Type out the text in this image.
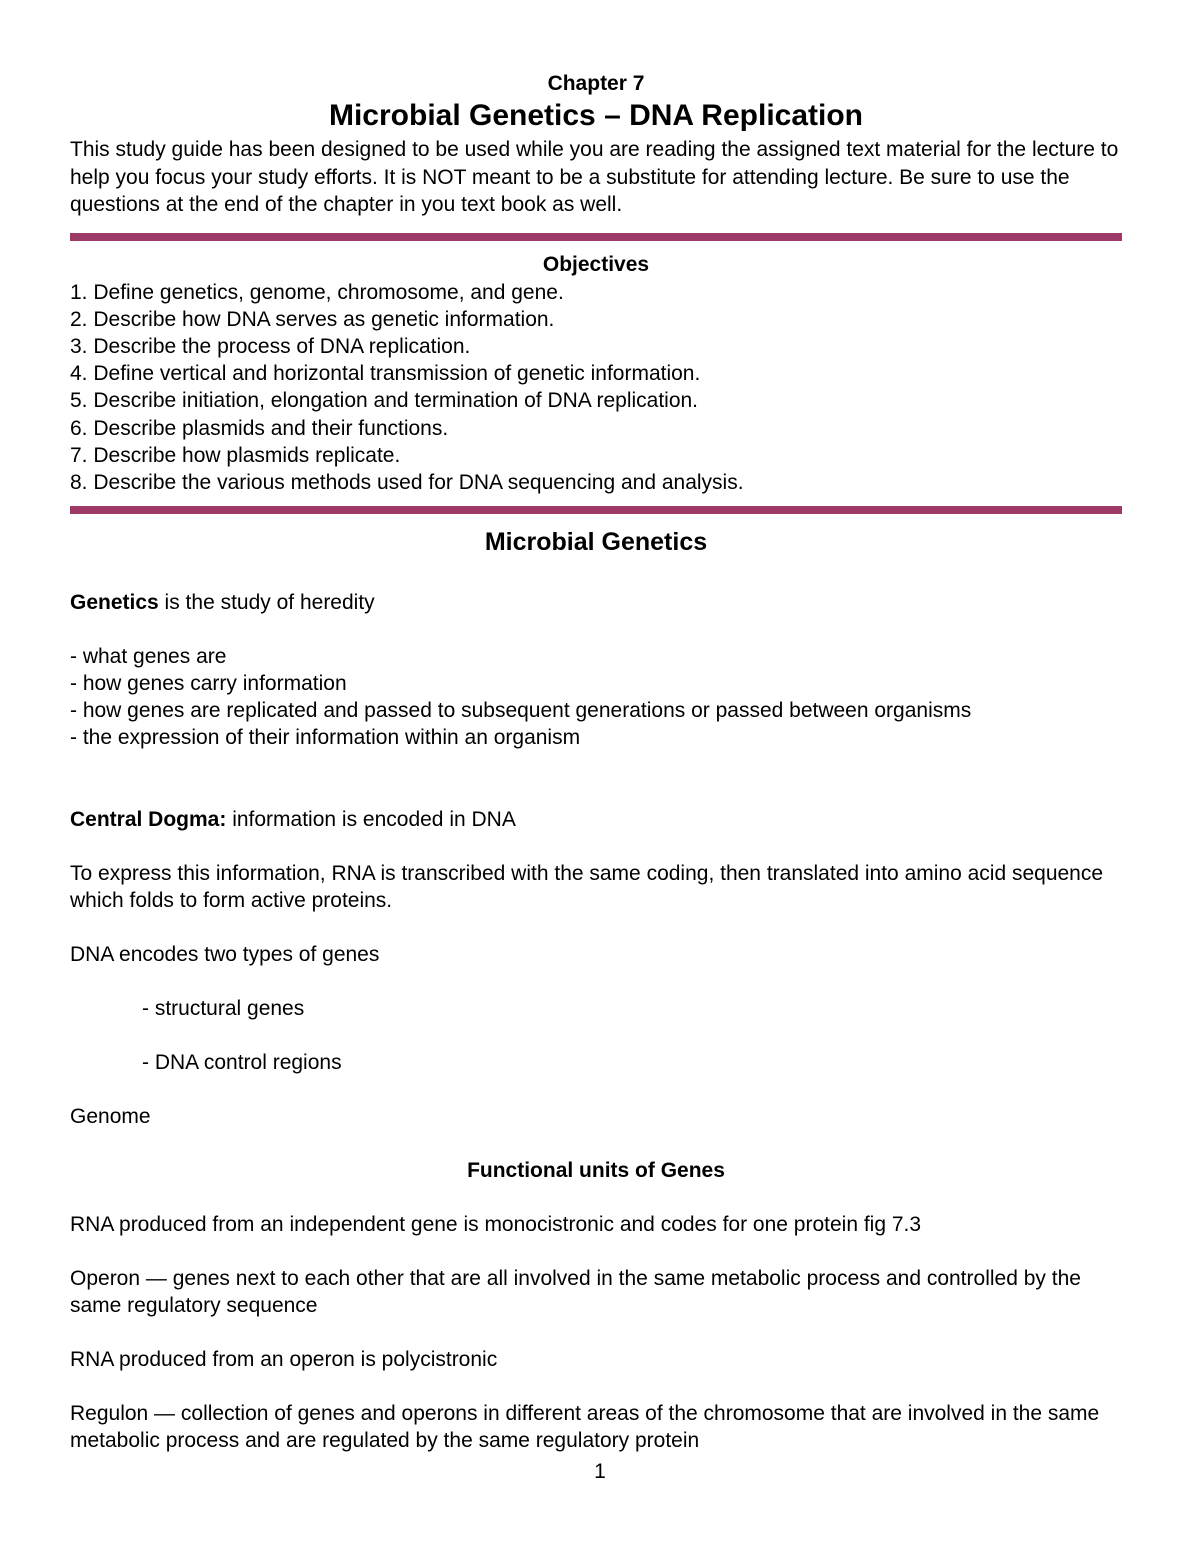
Chapter 7

Microbial Genetics – DNA Replication

This study guide has been designed to be used while you are reading the assigned text material for the lecture to help you focus your study efforts. It is NOT meant to be a substitute for attending lecture. Be sure to use the questions at the end of the chapter in you text book as well.

Objectives

1. Define genetics, genome, chromosome, and gene.
2. Describe how DNA serves as genetic information.
3. Describe the process of DNA replication.
4. Define vertical and horizontal transmission of genetic information.
5. Describe initiation, elongation and termination of DNA replication.
6. Describe plasmids and their functions.
7. Describe how plasmids replicate.
8. Describe the various methods used for DNA sequencing and analysis.

Microbial Genetics

Genetics is the study of heredity

- what genes are

- how genes carry information

- how genes are replicated and passed to subsequent generations or passed between organisms

- the expression of their information within an organism

Central Dogma: information is encoded in DNA

To express this information, RNA is transcribed with the same coding, then translated into amino acid sequence which folds to form active proteins.

DNA encodes two types of genes

- structural genes

- DNA control regions

Genome

Functional units of Genes

RNA produced from an independent gene is monocistronic and codes for one protein fig 7.3

Operon — genes next to each other that are all involved in the same metabolic process and controlled by the same regulatory sequence

RNA produced from an operon is polycistronic

Regulon — collection of genes and operons in different areas of the chromosome that are involved in the same metabolic process and are regulated by the same regulatory protein

1
